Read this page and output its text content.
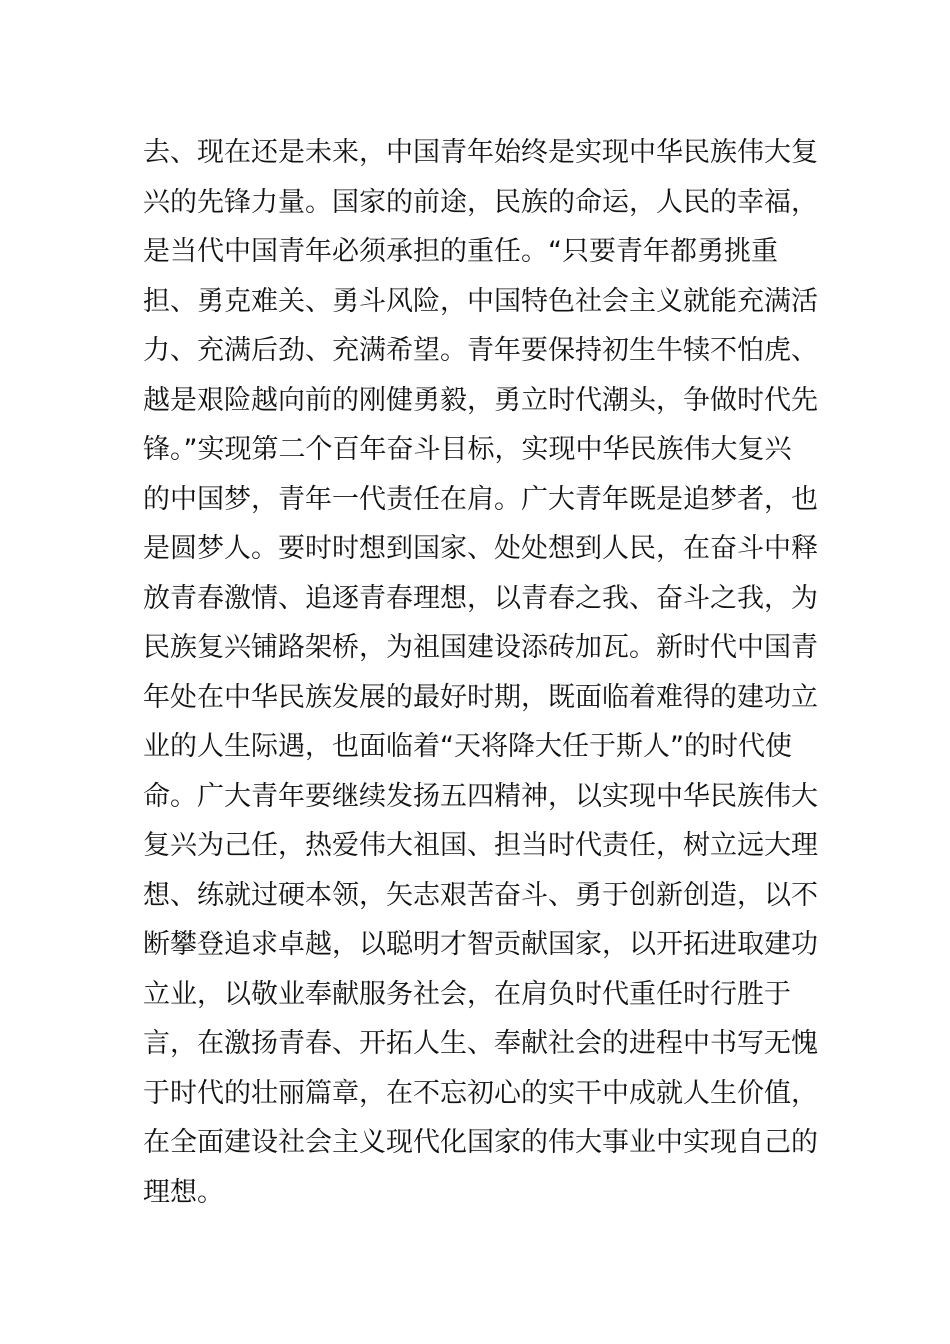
去、现在还是未来，中国青年始终是实现中华民族伟大复
兴的先锋力量。国家的前途，民族的命运，人民的幸福，
是当代中国青年必须承担的重任。“只要青年都勇挑重
担、勇克难关、勇斗风险，中国特色社会主义就能充满活
力、充满后劲、充满希望。青年要保持初生牛犊不怕虎、
越是艰险越向前的刚健勇毅，勇立时代潮头，争做时代先
锋。”实现第二个百年奋斗目标，实现中华民族伟大复兴
的中国梦，青年一代责任在肩。广大青年既是追梦者，也
是圆梦人。要时时想到国家、处处想到人民，在奋斗中释
放青春激情、追逐青春理想，以青春之我、奋斗之我，为
民族复兴铺路架桥，为祖国建设添砖加瓦。新时代中国青
年处在中华民族发展的最好时期，既面临着难得的建功立
业的人生际遇，也面临着“天将降大任于斯人”的时代使
命。广大青年要继续发扬五四精神，以实现中华民族伟大
复兴为己任，热爱伟大祖国、担当时代责任，树立远大理
想、练就过硬本领，矢志艰苦奋斗、勇于创新创造，以不
断攀登追求卓越，以聪明才智贡献国家，以开拓进取建功
立业，以敬业奉献服务社会，在肩负时代重任时行胜于
言，在激扬青春、开拓人生、奉献社会的进程中书写无愧
于时代的壮丽篇章，在不忘初心的实干中成就人生价值，
在全面建设社会主义现代化国家的伟大事业中实现自己的
理想。
